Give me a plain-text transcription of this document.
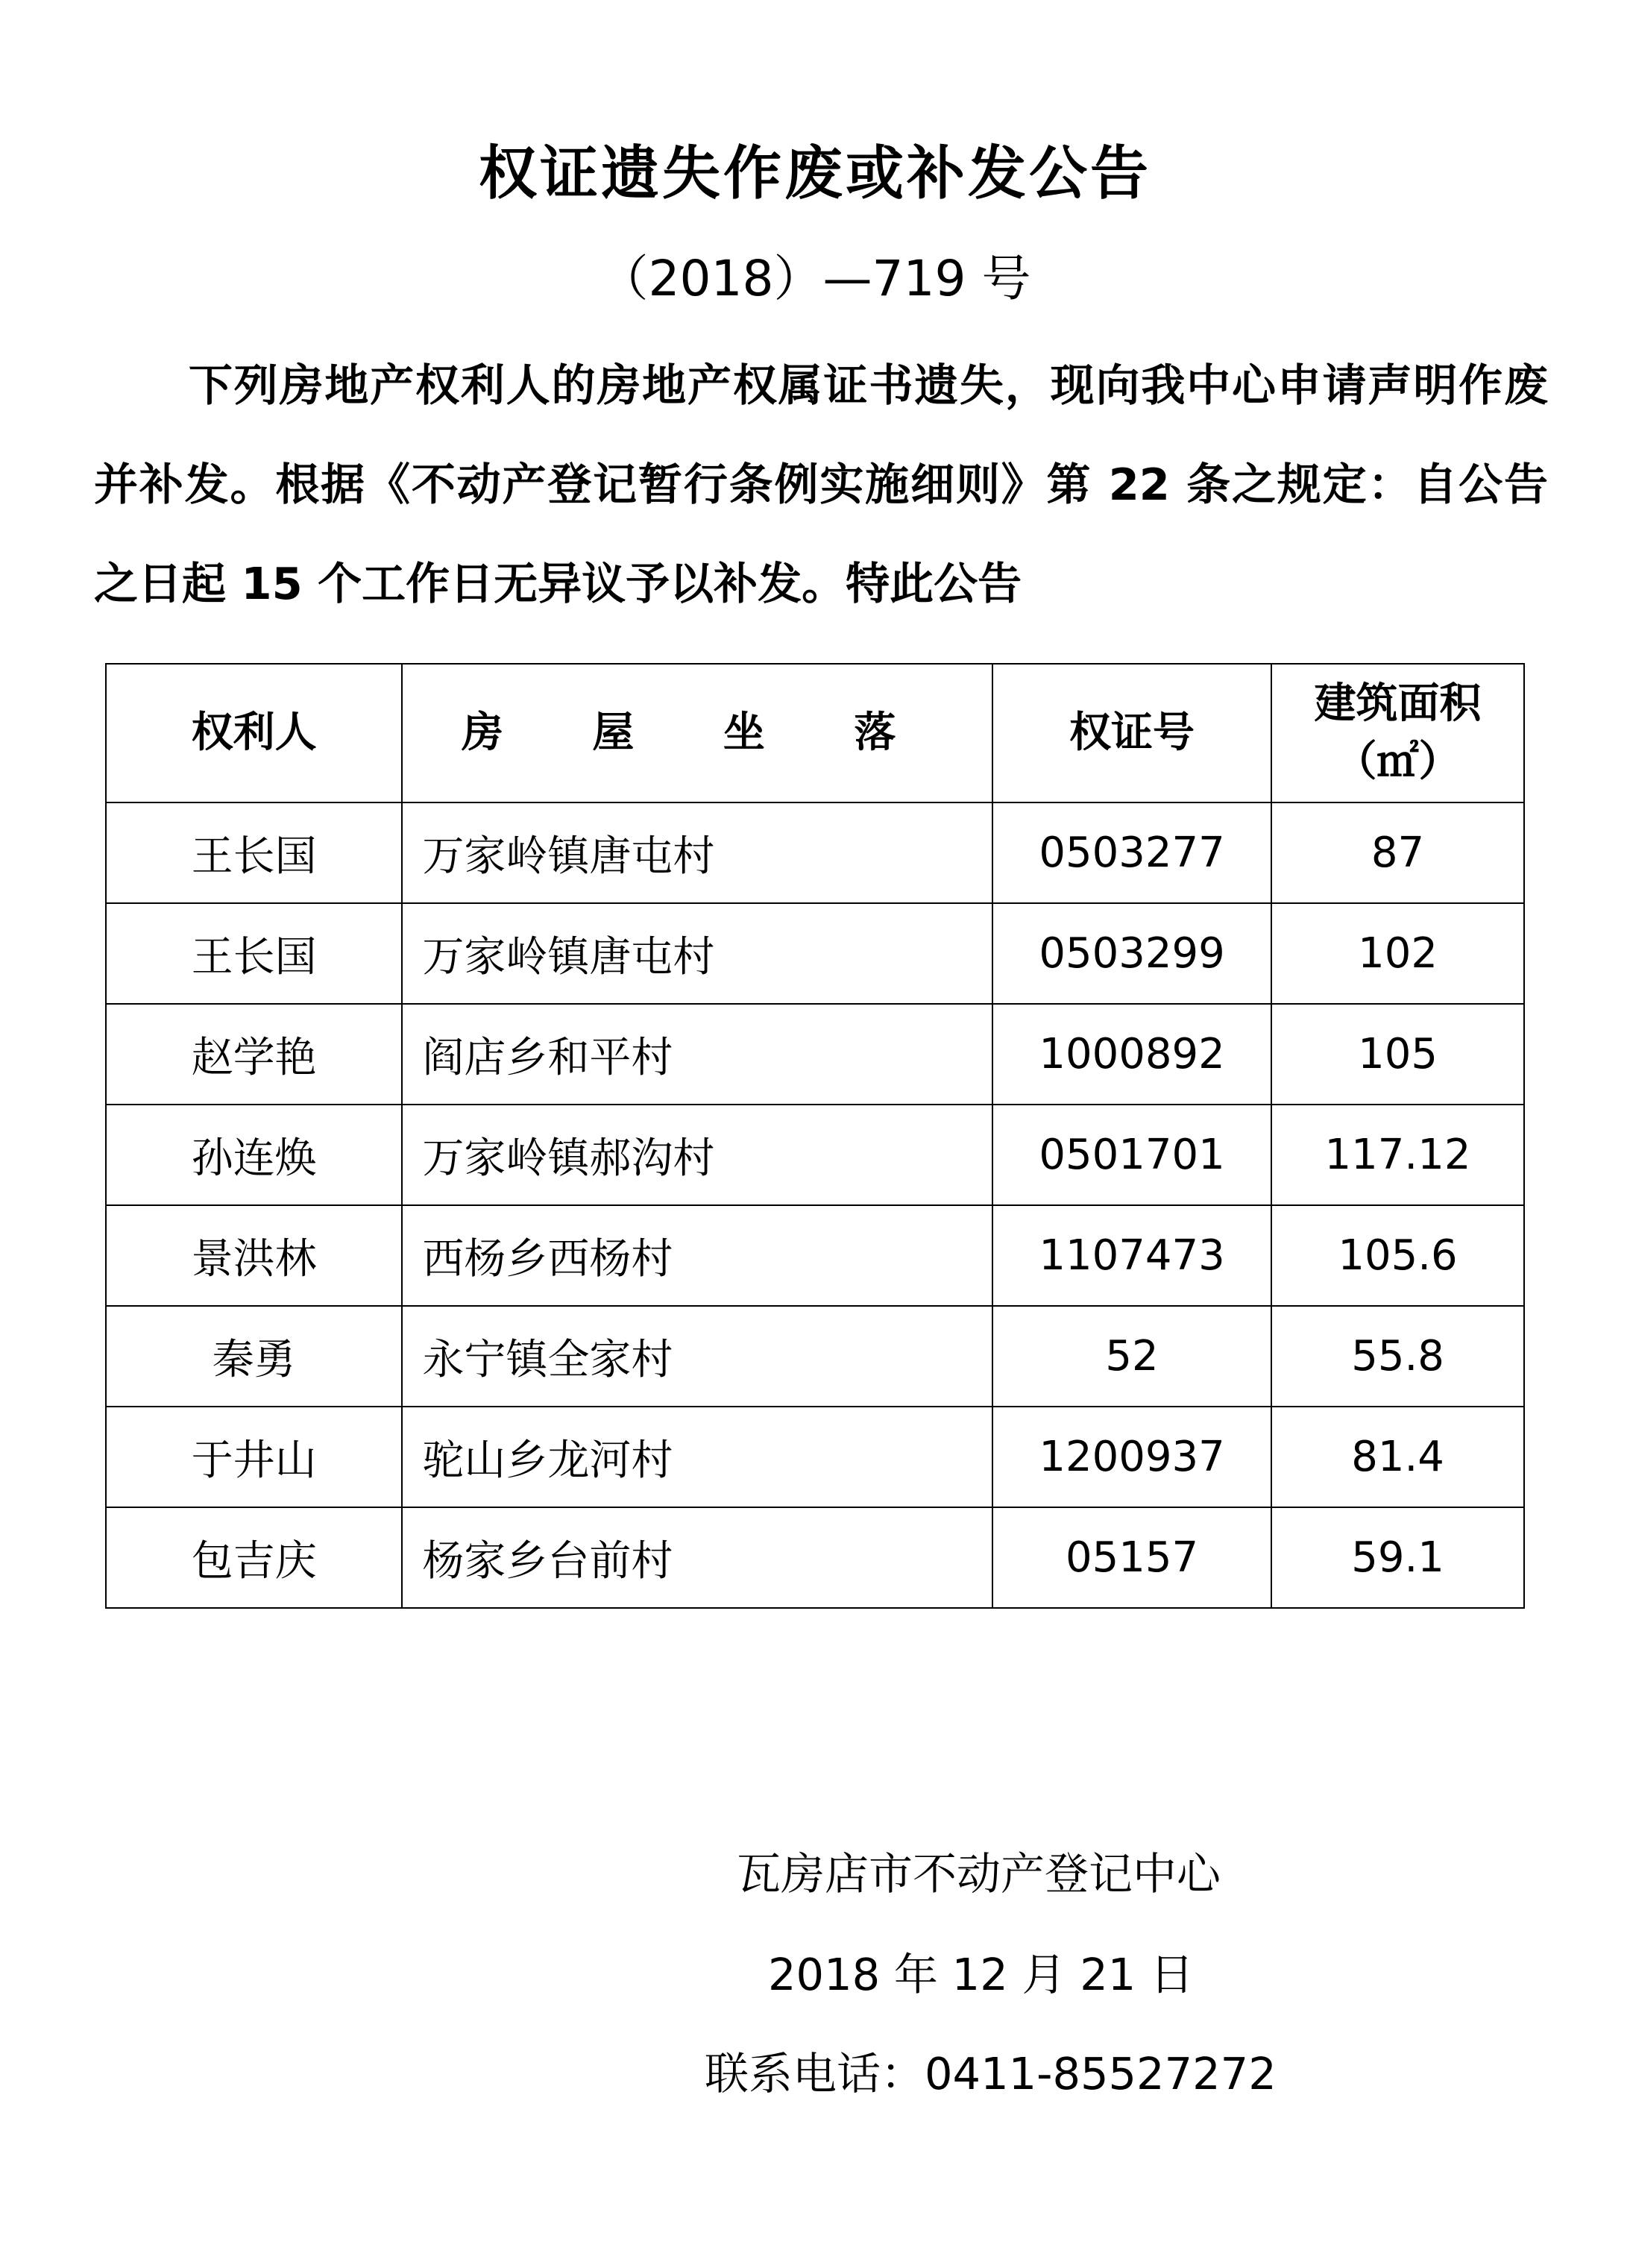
权证遗失作废或补发公告
（2018）—719 号
下列房地产权利人的房地产权属证书遗失，现向我中心申请声明作废并补发。根据《不动产登记暂行条例实施细则》第 22 条之规定：自公告之日起 15 个工作日无异议予以补发。特此公告
权利人	房 屋 坐 落	权证号	建筑面积
（㎡）

王长国	万家岭镇唐屯村	0503277	87
王长国	万家岭镇唐屯村	0503299	102
赵学艳	阎店乡和平村	1000892	105
孙连焕	万家岭镇郝沟村	0501701	117.12
景洪林	西杨乡西杨村	1107473	105.6
秦勇	永宁镇全家村	52	55.8
于井山	驼山乡龙河村	1200937	81.4
包吉庆	杨家乡台前村	05157	59.1
瓦房店市不动产登记中心
2018 年 12 月 21 日
联系电话：0411-85527272
